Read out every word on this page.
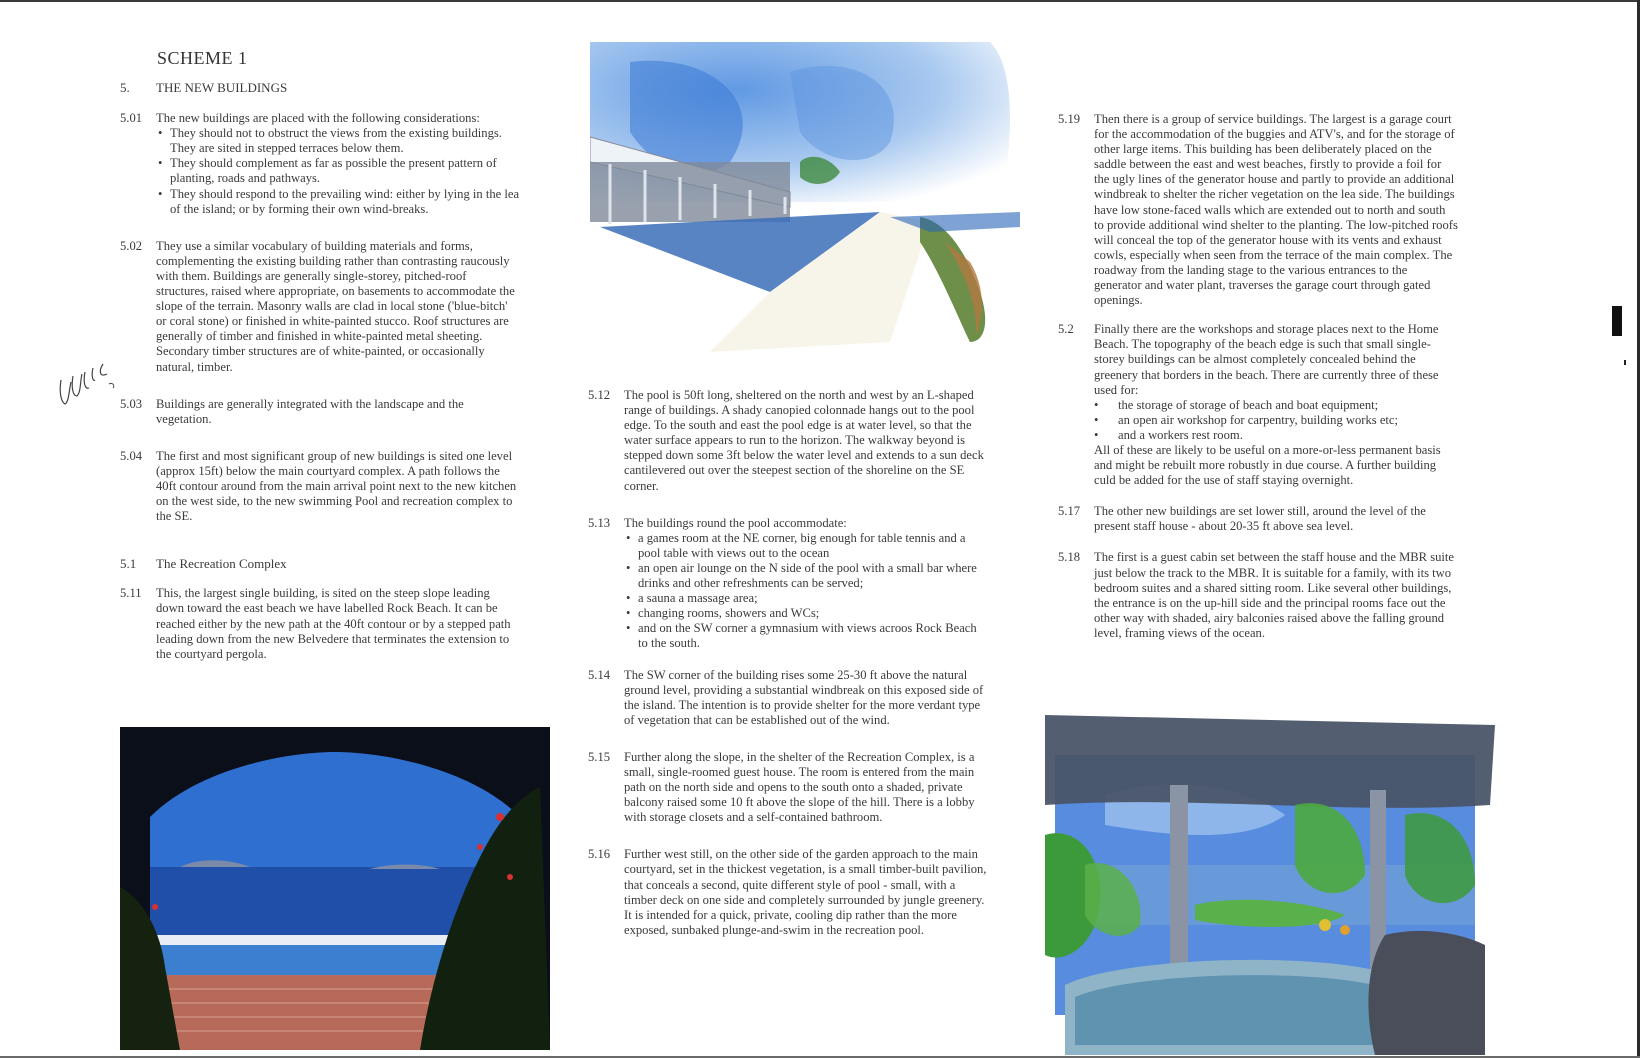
SCHEME 1
5. THE NEW BUILDINGS
5.01 The new buildings are placed with the following considerations:
• They should not to obstruct the views from the existing buildings. They are sited in stepped terraces below them.
• They should complement as far as possible the present pattern of planting, roads and pathways.
• They should respond to the prevailing wind: either by lying in the lea of the island; or by forming their own wind-breaks.
5.02 They use a similar vocabulary of building materials and forms, complementing the existing building rather than contrasting raucously with them. Buildings are generally single-storey, pitched-roof structures, raised where appropriate, on basements to accommodate the slope of the terrain. Masonry walls are clad in local stone ('blue-bitch' or coral stone) or finished in white-painted stucco. Roof structures are generally of timber and finished in white-painted metal sheeting. Secondary timber structures are of white-painted, or occasionally natural, timber.
5.03 Buildings are generally integrated with the landscape and the vegetation.
5.04 The first and most significant group of new buildings is sited one level (approx 15ft) below the main courtyard complex. A path follows the 40ft contour around from the main arrival point next to the new kitchen on the west side, to the new swimming Pool and recreation complex to the SE.
5.1 The Recreation Complex
5.11 This, the largest single building, is sited on the steep slope leading down toward the east beach we have labelled Rock Beach. It can be reached either by the new path at the 40ft contour or by a stepped path leading down from the new Belvedere that terminates the extension to the courtyard pergola.
5.12 The pool is 50ft long, sheltered on the north and west by an L-shaped range of buildings. A shady canopied colonnade hangs out to the pool edge. To the south and east the pool edge is at water level, so that the water surface appears to run to the horizon. The walkway beyond is stepped down some 3ft below the water level and extends to a sun deck cantilevered out over the steepest section of the shoreline on the SE corner.
5.13 The buildings round the pool accommodate:
• a games room at the NE corner, big enough for table tennis and a pool table with views out to the ocean
• an open air lounge on the N side of the pool with a small bar where drinks and other refreshments can be served;
• a sauna a massage area;
• changing rooms, showers and WCs;
• and on the SW corner a gymnasium with views acroos Rock Beach to the south.
5.14 The SW corner of the building rises some 25-30 ft above the natural ground level, providing a substantial windbreak on this exposed side of the island. The intention is to provide shelter for the more verdant type of vegetation that can be established out of the wind.
5.15 Further along the slope, in the shelter of the Recreation Complex, is a small, single-roomed guest house. The room is entered from the main path on the north side and opens to the south onto a shaded, private balcony raised some 10 ft above the slope of the hill. There is a lobby with storage closets and a self-contained bathroom.
5.16 Further west still, on the other side of the garden approach to the main courtyard, set in the thickest vegetation, is a small timber-built pavilion, that conceals a second, quite different style of pool - small, with a timber deck on one side and completely surrounded by jungle greenery. It is intended for a quick, private, cooling dip rather than the more exposed, sunbaked plunge-and-swim in the recreation pool.
5.19 Then there is a group of service buildings. The largest is a garage court for the accommodation of the buggies and ATV's, and for the storage of other large items. This building has been deliberately placed on the saddle between the east and west beaches, firstly to provide a foil for the ugly lines of the generator house and partly to provide an additional windbreak to shelter the richer vegetation on the lea side. The buildings have low stone-faced walls which are extended out to north and south to provide additional wind shelter to the planting. The low-pitched roofs will conceal the top of the generator house with its vents and exhaust cowls, especially when seen from the terrace of the main complex. The roadway from the landing stage to the various entrances to the generator and water plant, traverses the garage court through gated openings.
5.2 Finally there are the workshops and storage places next to the Home Beach. The topography of the beach edge is such that small single-storey buildings can be almost completely concealed behind the greenery that borders in the beach. There are currently three of these used for:
• the storage of storage of beach and boat equipment;
• an open air workshop for carpentry, building works etc;
• and a workers rest room.
All of these are likely to be useful on a more-or-less permanent basis and might be rebuilt more robustly in due course. A further building culd be added for the use of staff staying overnight.
5.17 The other new buildings are set lower still, around the level of the present staff house - about 20-35 ft above sea level.
5.18 The first is a guest cabin set between the staff house and the MBR suite just below the track to the MBR. It is suitable for a family, with its two bedroom suites and a shared sitting room. Like several other buildings, the entrance is on the up-hill side and the principal rooms face out the other way with shaded, airy balconies raised above the falling ground level, framing views of the ocean.
